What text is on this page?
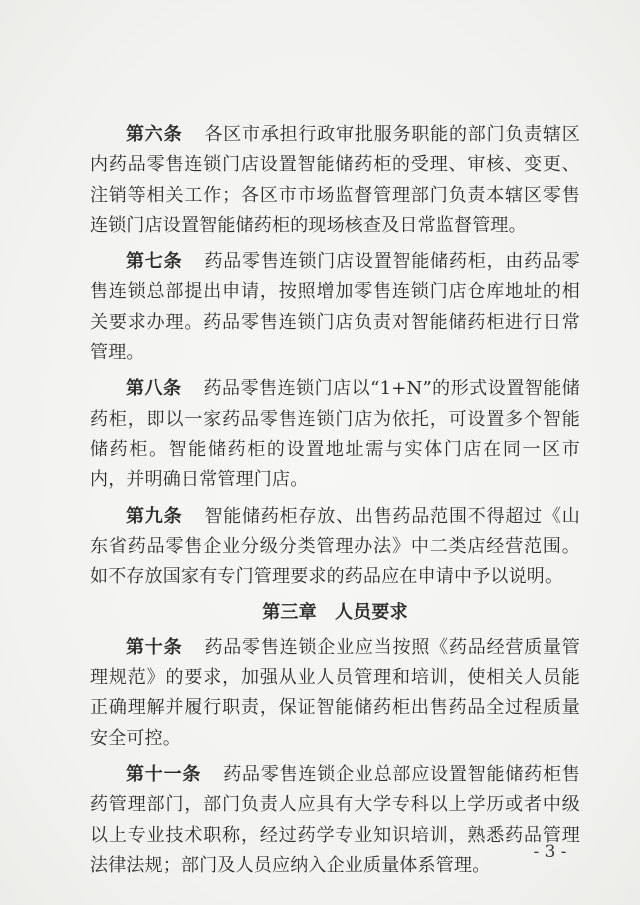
第六条 各区市承担行政审批服务职能的部门负责辖区内药品零售连锁门店设置智能储药柜的受理、审核、变更、注销等相关工作；各区市市场监督管理部门负责本辖区零售连锁门店设置智能储药柜的现场核查及日常监督管理。

第七条 药品零售连锁门店设置智能储药柜，由药品零售连锁总部提出申请，按照增加零售连锁门店仓库地址的相关要求办理。药品零售连锁门店负责对智能储药柜进行日常管理。

第八条 药品零售连锁门店以“1+N”的形式设置智能储药柜，即以一家药品零售连锁门店为依托，可设置多个智能储药柜。智能储药柜的设置地址需与实体门店在同一区市内，并明确日常管理门店。

第九条 智能储药柜存放、出售药品范围不得超过《山东省药品零售企业分级分类管理办法》中二类店经营范围。如不存放国家有专门管理要求的药品应在申请中予以说明。

第三章　人员要求

第十条 药品零售连锁企业应当按照《药品经营质量管理规范》的要求，加强从业人员管理和培训，使相关人员能正确理解并履行职责，保证智能储药柜出售药品全过程质量安全可控。

第十一条 药品零售连锁企业总部应设置智能储药柜售药管理部门，部门负责人应具有大学专科以上学历或者中级以上专业技术职称，经过药学专业知识培训，熟悉药品管理法律法规；部门及人员应纳入企业质量体系管理。

- 3 -
